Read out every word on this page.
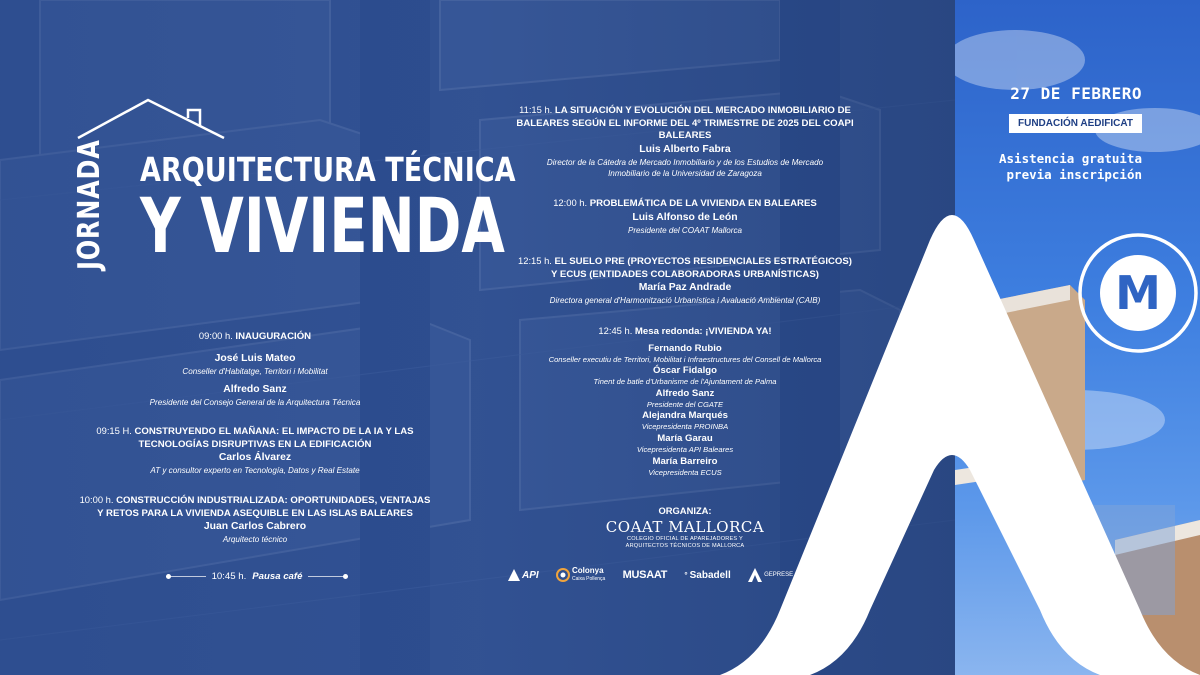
JORNADA ARQUITECTURA TÉCNICA
Y VIVIENDA
09:00 h. INAUGURACIÓN
José Luis Mateo
Conseller d'Habitatge, Territori i Mobilitat
Alfredo Sanz
Presidente del Consejo General de la Arquitectura Técnica
09:15 H. CONSTRUYENDO EL MAÑANA: EL IMPACTO DE LA IA Y LAS
TECNOLOGÍAS DISRUPTIVAS EN LA EDIFICACIÓN
Carlos Álvarez
AT y consultor experto en Tecnología, Datos y Real Estate
10:00 h. CONSTRUCCIÓN INDUSTRIALIZADA: OPORTUNIDADES, VENTAJAS
Y RETOS PARA LA VIVIENDA ASEQUIBLE EN LAS ISLAS BALEARES
Juan Carlos Cabrero
Arquitecto técnico
10:45 h. Pausa café
11:15 h. LA SITUACIÓN Y EVOLUCIÓN DEL MERCADO INMOBILIARIO DE
BALEARES SEGÚN EL INFORME DEL 4º TRIMESTRE DE 2025 DEL COAPI
BALEARES
Luis Alberto Fabra
Director de la Cátedra de Mercado Inmobiliario y de los Estudios de Mercado
Inmobiliario de la Universidad de Zaragoza
12:00 h. PROBLEMÁTICA DE LA VIVIENDA EN BALEARES
Luis Alfonso de León
Presidente del COAAT Mallorca
12:15 h. EL SUELO PRE (PROYECTOS RESIDENCIALES ESTRATÉGICOS)
Y ECUS (ENTIDADES COLABORADORAS URBANÍSTICAS)
María Paz Andrade
Directora general d'Harmonització Urbanística i Avaluació Ambiental (CAIB)
12:45 h. Mesa redonda: ¡VIVIENDA YA!
Fernando Rubio
Conseller executiu de Territori, Mobilitat i Infraestructures del Consell de Mallorca
Óscar Fidalgo
Tinent de batle d'Urbanisme de l'Ajuntament de Palma
Alfredo Sanz
Presidente del CGATE
Alejandra Marqués
Vicepresidenta PROINBA
María Garau
Vicepresidenta API Baleares
María Barreiro
Vicepresidenta ECUS
ORGANIZA:
COAAT MALLORCA
COLEGIO OFICIAL DE APAREJADORES Y
ARQUITECTOS TÉCNICOS DE MALLORCA
API	Colonya
Caixa Pollença MUSAAT ° Sabadell	GEPRESE	LABARTEC
27 DE FEBRERO
FUNDACIÓN AEDIFICAT
Asistencia gratuita
previa inscripción
M
